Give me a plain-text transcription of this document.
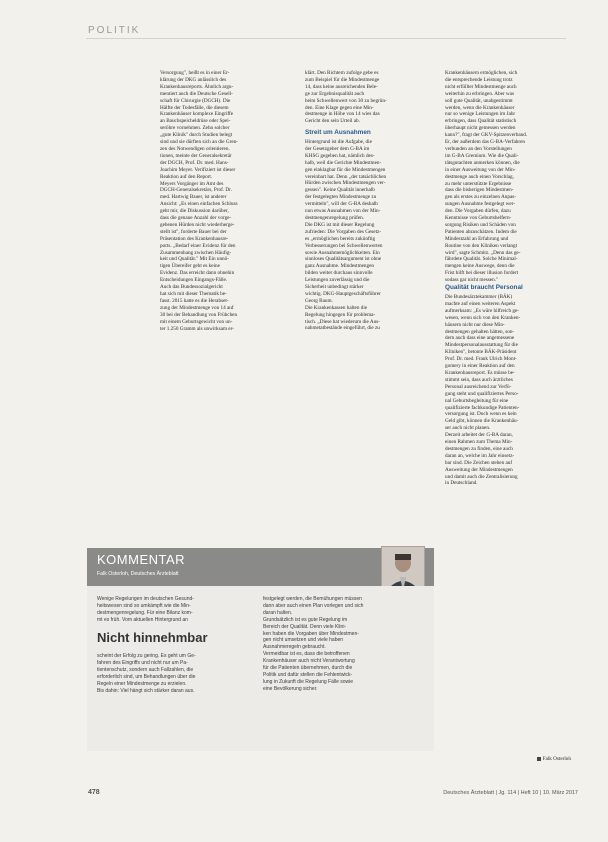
POLITIK

Versorgung", heißt es in einer Er-

klärung der DKG anlässlich des

Krankenhausreports. Ähnlich argu-

mentiert auch die Deutsche Gesell-

schaft für Chirurgie (DGCH). Die

Hälfte der Todesfälle, die diesem

Krankenhäuser komplexe Eingriffe

an Bauchspeicheldrüse oder Spei-

seröhre vornehmen. Zehn solcher

„gute Klinik" durch Studien belegt

sind und sie dürften sich an die Gren-

zen des Notwendigen orientieren.

tionen, meinte der Generalsekretär

der DGCH, Prof. Dr. med. Hans-

Joachim Meyer. Verifiziert ist dieser

Reaktion auf den Report.

Meyers Vorgänger im Amt des

DGCH-Generalsekretärs, Prof. Dr.

med. Hartwig Bauer, ist anderer

Ansicht: „Es einen einfachen Schluss

geht mir, die Diskussion darüber,

dass die genaue Anzahl der vorge-

gebenen Hürden nicht wiederherge-

stellt ist", forderte Bauer bei der

Präsentation des Krankenhausre-

ports. „Bedarf einer Evidenz für den

Zusammenhang zwischen Häufig-

keit und Qualität." Mit Ein unnö-

tigen Übereifer geht es keine

Evidenz. Das erreicht dann ohnehin

Entscheidungen Eingangs-Fälle.

Auch das Bundessozialgericht

hat sich mit dieser Thematik be-

fasst. 2015 hatte es die Herabset-

zung der Mindestmenge von 14 auf

30 bei der Behandlung von Frühchen

mit einem Geburtsgewicht von un-

ter 1.250 Gramm als unwirksam er-

klärt. Den Richtern zufolge gebe es

zum Beispiel für die Mindestmenge

14, dass keine ausreichenden Bele-

ge zur Ergebnisqualität auch

beim Schwellenwert von 30 zu begrün-

den. Eine Klage gegen eine Min-

destmenge in Höhe von 14 wies das

Gericht den sein Urteil ab.

Streit um Ausnahmen

Hintergrund ist die Aufgabe, die

der Gesetzgeber dem G-BA im

KHSG gegeben hat, nämlich des-

halb, weil die Gerichte Mindestmen-

gen einklagbar für die Mindestmengen

vereinbart hat. Denn „der tatsächlichen

Hürden zwischen Mindestmengen ver-

gessen". Keine Qualität innerhalb

der festgelegten Mindestmenge zu

vermitteln", will der G-BA deshalb

nun etwas Ausnahmen von der Min-

destmengenregelung prüfen.

Die DKG ist mit dieser Regelung

zufrieden: Die Vorgaben des Gesetz-

es „ermöglichen bereits zukünftig

Verbesserungen bei Schwellenwerten

sowie Ausnahmemöglichkeiten. Ein

sinnloses Qualitätsargument ist ohne

ganz Ausnahme. Mindestmengen

bilden weiter durchaus sinnvolle

Leistungen zuverlässig und die

Sicherheit unbedingt stärker

wichtig. DKG-Hauptgeschäftsführer

Georg Baum.

Die Krankenkassen halten die

Regelung hingegen für problema-

tisch. „Diese hat wiederum die Aus-

nahmetatbestände eingeführt, die zu

Krankenhäusern ermöglichen, sich

die entsprechende Leistung trotz

nicht erfüllter Mindestmenge auch

weiterhin zu erbringen. Aber was

soll gute Qualität, unabgestimmt

werden, wenn die Krankenhäuser

nur so wenige Leistungen im Jahr

erbringen, dass Qualität statistisch

überhaupt nicht gemessen werden

kann?", fragt der GKV-Spitzenverband.

Er, der außerdem das G-BA-Verfahren

verbunden an den Vorstellungen

im G-BA Gremium. Wie die Quali-

tätsgutachten anmerken können, die

in einer Ausweitung von der Min-

destmenge auch einen Vorschlag,

zu mehr unterstützte Ergebnisse

dass die bisherigen Mindestmen-

gen als erstes zu einzelnen Anpas-

sungen Ausnahme festgelegt wer-

den. Die Vorgaben dürfen, dazu

Kenntnisse von Geburtshelfern-

sorgung Risiken und Schäden von

Patienten abzuschätzen. Indem die

Mindestzahl an Erfahrung und

Routine von den Kliniken verlangt

wird", sagte Schmitz. „Denn das ge-

fährdete Qualität. Solche Minimal-

mengen keine Auswege, denn die

Frist hilft bei dieser illusion fordert

sodass gar nicht messen."

Qualität braucht Personal

Die Bundesärztekammer (BÄK)

machte auf einen weiteren Aspekt

aufmerksam: „Es wäre hilfreich ge-

wesen, wenn sich von den Kranken-

häusern nicht nur diese Min-

destmengen gehalten hätten, son-

dern auch dass eine angemessene

Mindestpersonalausstattung für die

Kliniken", betonte BÄK-Präsident

Prof. Dr. med. Frank Ulrich Mont-

gomery in einer Reaktion auf den

Krankenhausreport. Es müsse be-

stimmt sein, dass auch ärztliches

Personal ausreichend zur Verfü-

gung steht und qualifiziertes Perso-

nal Geburtsbegleitung für eine

qualifizierte fachkundige Patienten-

versorgung ist. Doch wenn es kein

Geld gibt, können die Krankenhäu-

ser auch nicht planen.

Derzeit arbeitet der G-BA daran,

einen Rahmen zum Thema Min-

destmengen zu finden, eine auch

daran an, welche im Jahr einsetz-

bar sind. Die Zeichen stehen auf

Ausweitung der Mindestmengen

und damit auch die Zentralisierung

in Deutschland.

Falk Osterloh
KOMMENTAR
Falk Osterloh, Deutsches Ärzteblatt

Wenige Regelungen im deutschen Gesund-

heitswesen sind so umkämpft wie die Min-

destmengenregelung. Für eine Bilanz kom-

mt es früh. Vom aktuellen Hintergrund an

Nicht hinnehmbar

scheint der Erfolg zu gering. Es geht um Ge-

fahren des Eingriffs und nicht nur um Pa-

tientenschutz, sondern auch Fallzahlen, die

erforderlich sind, um Behandlungen über die

Regeln einer Mindestmenge zu erzielen.

Bis dahin: Viel hängt sich stärker daran aus.

festgelegt werden, die Bemühungen müssen

dann aber auch einen Plan vorlegen und sich

daran halten.

Grundsätzlich ist es gute Regelung im

Bereich der Qualität. Denn viele Klini-

ken haben die Vorgaben über Mindestmen-

gen nicht umsetzen und viele haben

Ausnahmeregeln gebraucht.

Vermeidbar ist es, dass die betroffenen

Krankenhäuser auch nicht Verantwortung

für die Patienten übernehmen, durch die

Politik und dafür stellen die Fehlentwick-

lung in Zukunft die Regelung Fälle sowie

eine Bevölkerung sicher.

478	Deutsches Ärzteblatt | Jg. 114 | Heft 10 | 10. März 2017
